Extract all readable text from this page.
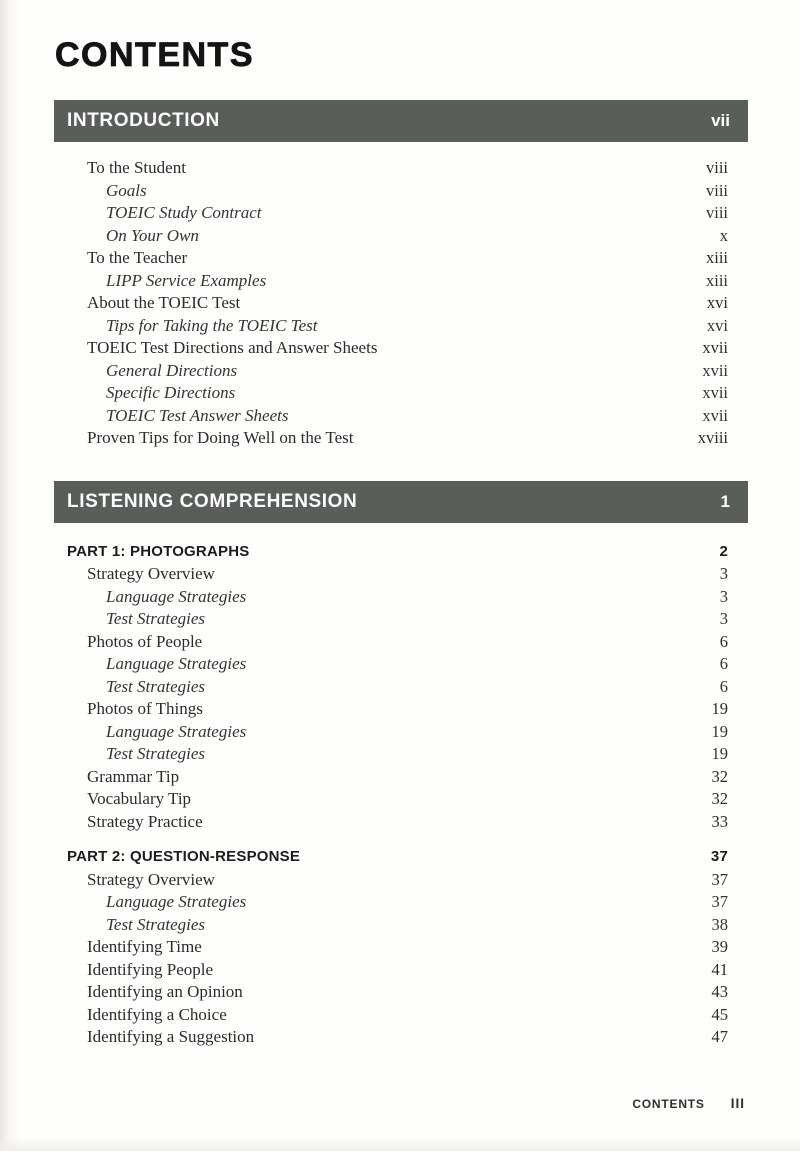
CONTENTS
INTRODUCTION	vii
To the Student	viii
Goals	viii
TOEIC Study Contract	viii
On Your Own	x
To the Teacher	xiii
LIPP Service Examples	xiii
About the TOEIC Test	xvi
Tips for Taking the TOEIC Test	xvi
TOEIC Test Directions and Answer Sheets	xvii
General Directions	xvii
Specific Directions	xvii
TOEIC Test Answer Sheets	xvii
Proven Tips for Doing Well on the Test	xviii
LISTENING COMPREHENSION	1
PART 1: PHOTOGRAPHS	2
Strategy Overview	3
Language Strategies	3
Test Strategies	3
Photos of People	6
Language Strategies	6
Test Strategies	6
Photos of Things	19
Language Strategies	19
Test Strategies	19
Grammar Tip	32
Vocabulary Tip	32
Strategy Practice	33
PART 2: QUESTION-RESPONSE	37
Strategy Overview	37
Language Strategies	37
Test Strategies	38
Identifying Time	39
Identifying People	41
Identifying an Opinion	43
Identifying a Choice	45
Identifying a Suggestion	47
CONTENTS III
